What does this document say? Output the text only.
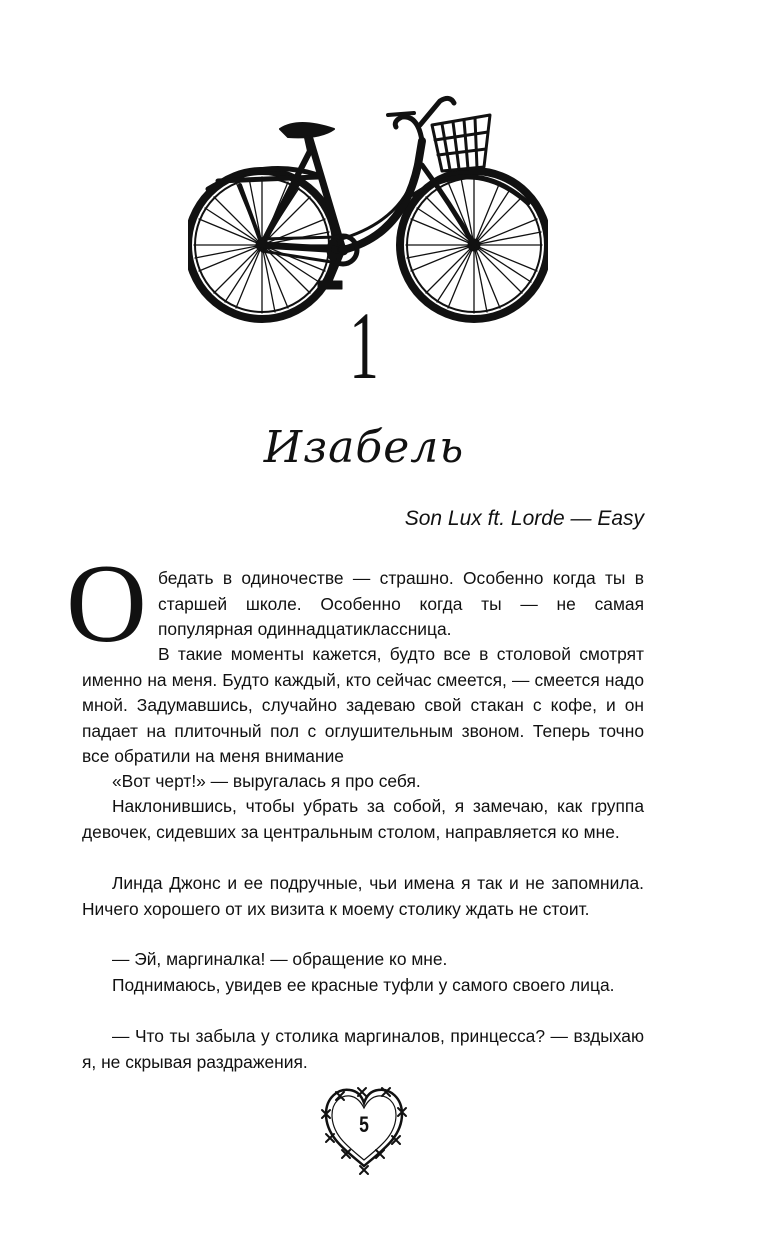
1
Изабель
Son Lux ft. Lorde — Easy
О бедать в одиночестве — страшно. Особенно когда ты в старшей школе. Особенно когда ты — не самая популярная одиннадцатиклассница.

В такие моменты кажется, будто все в столовой смотрят именно на меня. Будто каждый, кто сейчас смеется, — смеется надо мной. Задумавшись, случайно задеваю свой стакан с кофе, и он падает на плиточный пол с оглушительным звоном. Теперь точно все обратили на меня внимание

«Вот черт!» — выругалась я про себя.

Наклонившись, чтобы убрать за собой, я замечаю, как группа девочек, сидевших за центральным столом, направляется ко мне.

Линда Джонс и ее подручные, чьи имена я так и не запомнила. Ничего хорошего от их визита к моему столику ждать не стоит.

— Эй, маргиналка! — обращение ко мне.

Поднимаюсь, увидев ее красные туфли у самого своего лица.

— Что ты забыла у столика маргиналов, принцесса? — вздыхаю я, не скрывая раздражения.

5
